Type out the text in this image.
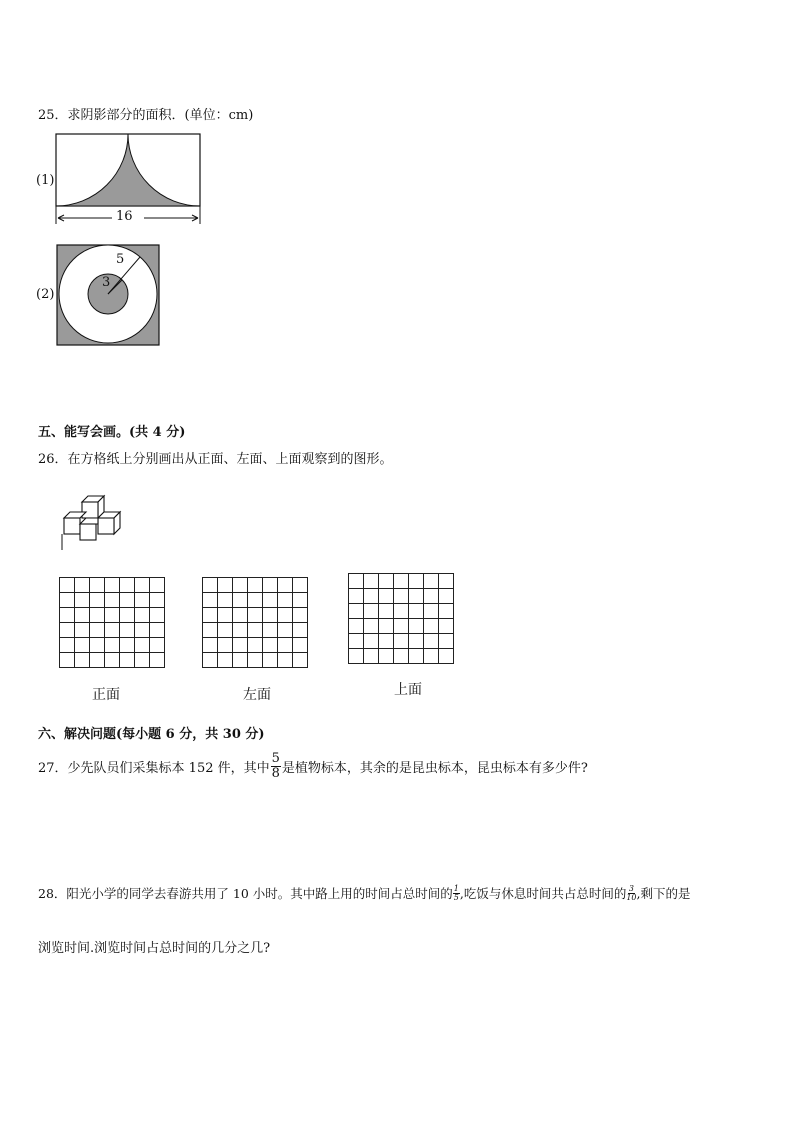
25．求阴影部分的面积．(单位：cm)
(1)
16
(2)
5
3
五、能写会画。(共 4 分)
26．在方格纸上分别画出从正面、左面、上面观察到的图形。

正面	左面	上面
六、解决问题(每小题 6 分，共 30 分)
27．少先队员们采集标本 152 件，其中 $\frac{5}{8}$ 是植物标本，其余的是昆虫标本，昆虫标本有多少件?
28．阳光小学的同学去春游共用了 10 小时。其中路上用的时间占总时间的 $\frac{1}{5}$ ,吃饭与休息时间共占总时间的 $\frac{3}{10}$ ,剩下的是
浏览时间.浏览时间占总时间的几分之几?
